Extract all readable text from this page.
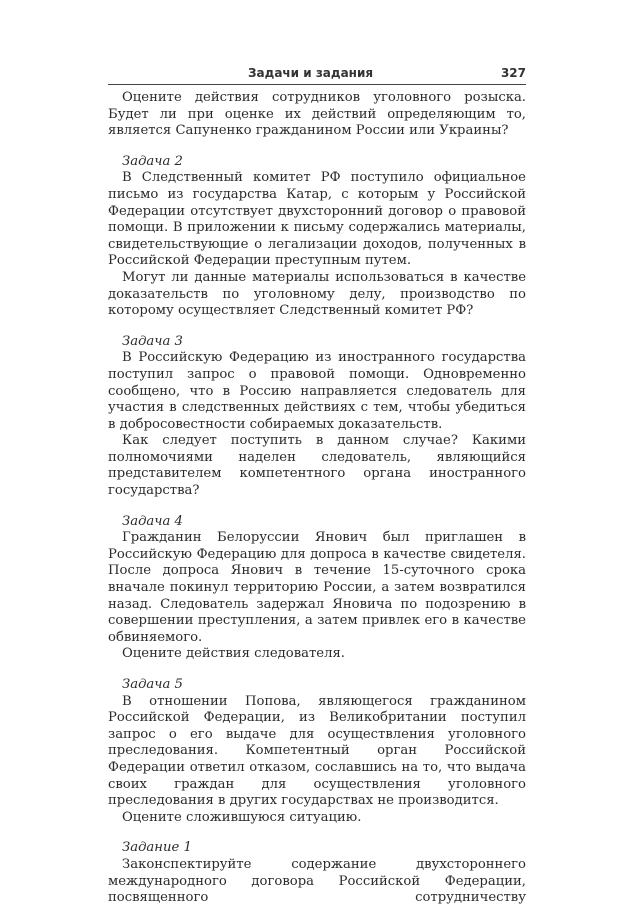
Задачи и задания	327

Оцените действия сотрудников уголовного розыска. Будет ли при оценке их действий определяющим то, является Сапуненко гражданином России или Украины?

Задача 2

В Следственный комитет РФ поступило официальное письмо из государства Катар, с которым у Российской Федерации отсутствует двухсторонний договор о правовой помощи. В приложении к письму содержались материалы, свидетельствующие о легализации доходов, полученных в Российской Федерации преступным путем.

Могут ли данные материалы использоваться в качестве доказательств по уголовному делу, производство по которому осуществляет Следственный комитет РФ?

Задача 3

В Российскую Федерацию из иностранного государства поступил запрос о правовой помощи. Одновременно сообщено, что в Россию направляется следователь для участия в следственных действиях с тем, чтобы убедиться в добросовестности собираемых доказательств.

Как следует поступить в данном случае? Какими полномочиями наделен следователь, являющийся представителем компетентного органа иностранного государства?

Задача 4

Гражданин Белоруссии Янович был приглашен в Российскую Федерацию для допроса в качестве свидетеля. После допроса Янович в течение 15-суточного срока вначале покинул территорию России, а затем возвратился назад. Следователь задержал Яновича по подозрению в совершении преступления, а затем привлек его в качестве обвиняемого.

Оцените действия следователя.

Задача 5

В отношении Попова, являющегося гражданином Российской Федерации, из Великобритании поступил запрос о его выдаче для осуществления уголовного преследования. Компетентный орган Российской Федерации ответил отказом, сославшись на то, что выдача своих граждан для осуществления уголовного преследования в других государствах не производится.

Оцените сложившуюся ситуацию.

Задание 1

Законспектируйте содержание двухстороннего международного договора Российской Федерации, посвященного сотрудничеству
